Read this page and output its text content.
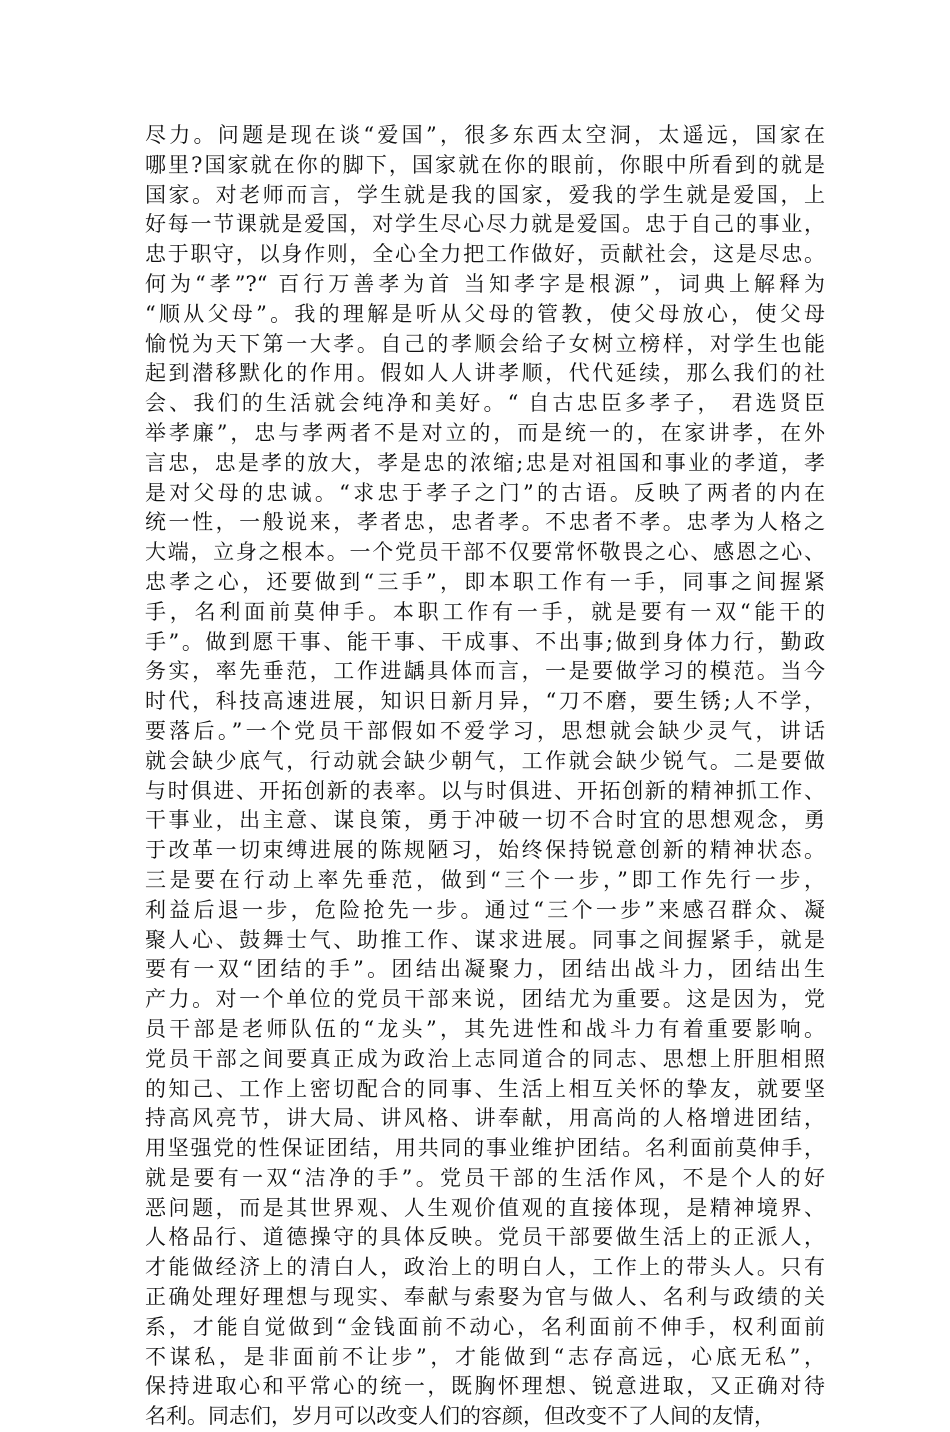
尽力。问题是现在谈“爱国”，很多东西太空洞，太遥远，国家在
哪里?国家就在你的脚下，国家就在你的眼前，你眼中所看到的就是
国家。对老师而言，学生就是我的国家，爱我的学生就是爱国，上
好每一节课就是爱国，对学生尽心尽力就是爱国。忠于自己的事业，
忠于职守，以身作则，全心全力把工作做好，贡献社会，这是尽忠。
何为“孝”?“ 百行万善孝为首 当知孝字是根源”，词典上解释为
“顺从父母”。我的理解是听从父母的管教，使父母放心，使父母
愉悦为天下第一大孝。自己的孝顺会给子女树立榜样，对学生也能
起到潜移默化的作用。假如人人讲孝顺，代代延续，那么我们的社
会、我们的生活就会纯净和美好。“ 自古忠臣多孝子， 君选贤臣
举孝廉”，忠与孝两者不是对立的，而是统一的，在家讲孝，在外
言忠，忠是孝的放大，孝是忠的浓缩;忠是对祖国和事业的孝道，孝
是对父母的忠诚。“求忠于孝子之门”的古语。反映了两者的内在
统一性，一般说来，孝者忠，忠者孝。不忠者不孝。忠孝为人格之
大端，立身之根本。一个党员干部不仅要常怀敬畏之心、感恩之心、
忠孝之心，还要做到“三手”，即本职工作有一手，同事之间握紧
手，名利面前莫伸手。本职工作有一手，就是要有一双“能干的
手”。做到愿干事、能干事、干成事、不出事;做到身体力行，勤政
务实，率先垂范，工作进龋具体而言，一是要做学习的模范。当今
时代，科技高速进展，知识日新月异，“刀不磨，要生锈;人不学，
要落后。”一个党员干部假如不爱学习，思想就会缺少灵气，讲话
就会缺少底气，行动就会缺少朝气，工作就会缺少锐气。二是要做
与时俱进、开拓创新的表率。以与时俱进、开拓创新的精神抓工作、
干事业，出主意、谋良策，勇于冲破一切不合时宜的思想观念，勇
于改革一切束缚进展的陈规陋习，始终保持锐意创新的精神状态。
三是要在行动上率先垂范，做到“三个一步，”即工作先行一步，
利益后退一步，危险抢先一步。通过“三个一步”来感召群众、凝
聚人心、鼓舞士气、助推工作、谋求进展。同事之间握紧手，就是
要有一双“团结的手”。团结出凝聚力，团结出战斗力，团结出生
产力。对一个单位的党员干部来说，团结尤为重要。这是因为，党
员干部是老师队伍的“龙头”，其先进性和战斗力有着重要影响。
党员干部之间要真正成为政治上志同道合的同志、思想上肝胆相照
的知己、工作上密切配合的同事、生活上相互关怀的挚友，就要坚
持高风亮节，讲大局、讲风格、讲奉献，用高尚的人格增进团结，
用坚强党的性保证团结，用共同的事业维护团结。名利面前莫伸手，
就是要有一双“洁净的手”。党员干部的生活作风，不是个人的好
恶问题，而是其世界观、人生观价值观的直接体现，是精神境界、
人格品行、道德操守的具体反映。党员干部要做生活上的正派人，
才能做经济上的清白人，政治上的明白人，工作上的带头人。只有
正确处理好理想与现实、奉献与索娶为官与做人、名利与政绩的关
系，才能自觉做到“金钱面前不动心，名利面前不伸手，权利面前
不谋私，是非面前不让步”，才能做到“志存高远，心底无私”，
保持进取心和平常心的统一，既胸怀理想、锐意进取，又正确对待
名利。同志们，岁月可以改变人们的容颜，但改变不了人间的友情，
